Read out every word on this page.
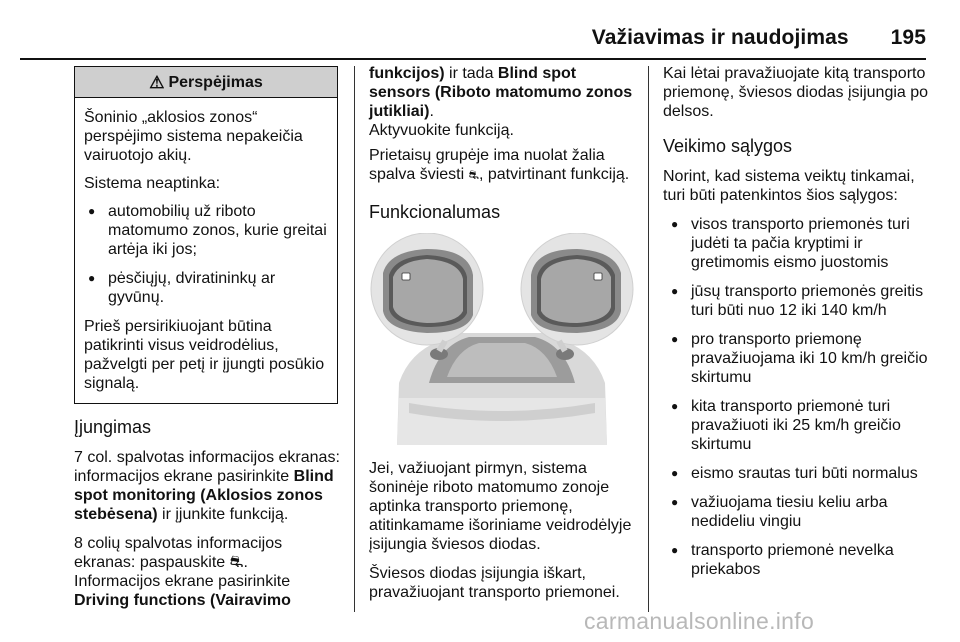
Važiavimas ir naudojimas 195
⚠ Perspėjimas

Šoninio „aklosios zonos“ perspėjimo sistema nepakeičia vairuotojo akių.

Sistema neaptinka:

● automobilių už riboto matomumo zonos, kurie greitai artėja iki jos;
● pėsčiųjų, dviratininkų ar gyvūnų.

Prieš persirikiuojant būtina patikrinti visus veidrodėlius, pažvelgti per petį ir įjungti posūkio signalą.

Įjungimas

7 col. spalvotas informacijos ekranas: informacijos ekrane pasirinkite Blind spot monitoring (Aklosios zonos stebėsena) ir įjunkite funkciją.

8 colių spalvotas informacijos ekranas: paspauskite ⛐.
Informacijos ekrane pasirinkite
Driving functions (Vairavimo

funkcijos) ir tada Blind spot sensors (Riboto matomumo zonos jutikliai).
Aktyvuokite funkciją.

Prietaisų grupėje ima nuolat žalia spalva šviesti ⛐, patvirtinant funkciją.

Funkcionalumas

Jei, važiuojant pirmyn, sistema šoninėje riboto matomumo zonoje aptinka transporto priemonę, atitinkamame išoriniame veidrodėlyje įsijungia šviesos diodas.

Šviesos diodas įsijungia iškart, pravažiuojant transporto priemonei.

Kai lėtai pravažiuojate kitą transporto priemonę, šviesos diodas įsijungia po delsos.

Veikimo sąlygos

Norint, kad sistema veiktų tinkamai, turi būti patenkintos šios sąlygos:

● visos transporto priemonės turi judėti ta pačia kryptimi ir gretimomis eismo juostomis
● jūsų transporto priemonės greitis turi būti nuo 12 iki 140 km/h
● pro transporto priemonę pravažiuojama iki 10 km/h greičio skirtumu
● kita transporto priemonė turi pravažiuoti iki 25 km/h greičio skirtumu
● eismo srautas turi būti normalus
● važiuojama tiesiu keliu arba nedideliu vingiu
● transporto priemonė nevelka priekabos
carmanualsonline.info
